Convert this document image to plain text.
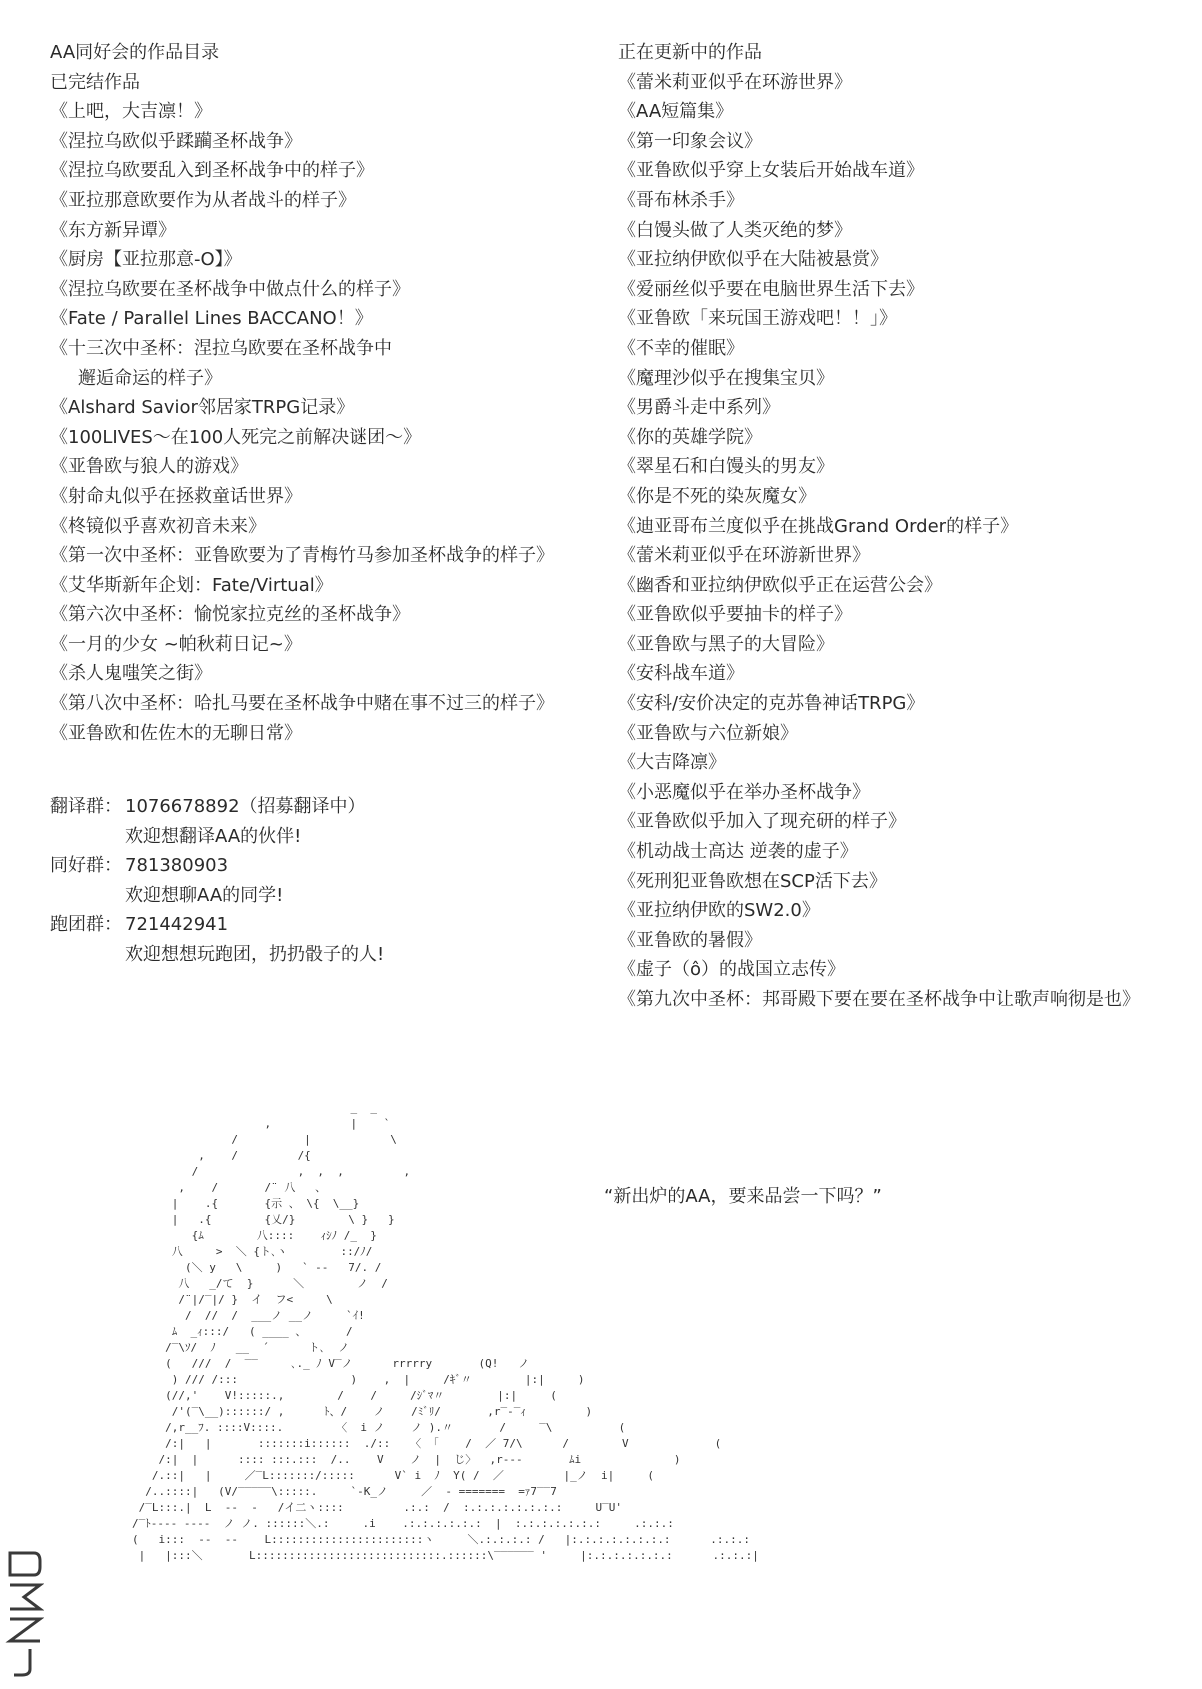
AA同好会的作品目录
已完结作品
《上吧，大吉凛！》
《涅拉乌欧似乎蹂躏圣杯战争》
《涅拉乌欧要乱入到圣杯战争中的样子》
《亚拉那意欧要作为从者战斗的样子》
《东方新异谭》
《厨房【亚拉那意-O】》
《涅拉乌欧要在圣杯战争中做点什么的样子》
《Fate / Parallel Lines BACCANO！》
《十三次中圣杯：涅拉乌欧要在圣杯战争中
邂逅命运的样子》
《Alshard Savior邻居家TRPG记录》
《100LIVES～在100人死完之前解决谜团～》
《亚鲁欧与狼人的游戏》
《射命丸似乎在拯救童话世界》
《柊镜似乎喜欢初音未来》
《第一次中圣杯：亚鲁欧要为了青梅竹马参加圣杯战争的样子》
《艾华斯新年企划：Fate/Virtual》
《第六次中圣杯：愉悦家拉克丝的圣杯战争》
《一月的少女 ~帕秋莉日记~》
《杀人鬼嗤笑之街》
《第八次中圣杯：哈扎马要在圣杯战争中赌在事不过三的样子》
《亚鲁欧和佐佐木的无聊日常》
翻译群： 1076678892（招募翻译中）
欢迎想翻译AA的伙伴!
同好群： 781380903
欢迎想聊AA的同学!
跑团群： 721442941
欢迎想想玩跑团，扔扔骰子的人!
正在更新中的作品
《蕾米莉亚似乎在环游世界》
《AA短篇集》
《第一印象会议》
《亚鲁欧似乎穿上女装后开始战车道》
《哥布林杀手》
《白馒头做了人类灭绝的梦》
《亚拉纳伊欧似乎在大陆被悬赏》
《爱丽丝似乎要在电脑世界生活下去》
《亚鲁欧「来玩国王游戏吧！！」》
《不幸的催眠》
《魔理沙似乎在搜集宝贝》
《男爵斗走中系列》
《你的英雄学院》
《翠星石和白馒头的男友》
《你是不死的染灰魔女》
《迪亚哥布兰度似乎在挑战Grand Order的样子》
《蕾米莉亚似乎在环游新世界》
《幽香和亚拉纳伊欧似乎正在运营公会》
《亚鲁欧似乎要抽卡的样子》
《亚鲁欧与黑子的大冒险》
《安科战车道》
《安科/安价决定的克苏鲁神话TRPG》
《亚鲁欧与六位新娘》
《大吉降凛》
《小恶魔似乎在举办圣杯战争》
《亚鲁欧似乎加入了现充研的样子》
《机动战士高达 逆袭的虚子》
《死刑犯亚鲁欧想在SCP活下去》
《亚拉纳伊欧的SW2.0》
《亚鲁欧的暑假》
《虚子（ô）的战国立志传》
《第九次中圣杯：邦哥殿下要在要在圣杯战争中让歌声响彻是也》
“新出炉的AA，要来品尝一下吗？”
_  _
,            |    `
/          |            \
,    /         /{
/               ,  ,  ,         ,
,    /       /¨ 八   、
|    .{       {示 、 \{  \__}
|   .{        {乂/}        \ }   }
{ﾑ        八::::    ｨｼﾉ /_  }
八     >  ＼ {ト､ヽ        ::/ﾉ/
(＼ y   \     )   ` --   7/. /
八   _/て  }      ＼        ノ  /
/¨|/‾|/ }  イ  フ<     \
/  //  /  ___ノ __ノ     `ｲ!
ﾑ  _ｨ:::/   ( ____ 、      /
/‾\ｿ/  ﾉ   __  ´      ト､  ノ
(   ///  /  ‾‾     ､._ ﾉ V‾ノ      rrrrry       (Q!   ノ
) /// /:::                 )    ,  |     /ｷﾞ〃        |:|     )
(//,'    V!:::::.,        /    /     /ｼﾞﾏ〃        |:|     (
/'(‾\__)::::::/ ,      ﾄ、/    ノ    /ﾐﾞﾘ/       ,r‾‐‾ｨ         )
/,r__ﾌ. ::::V::::.        〈  i ノ    ノ ).〃       /     ‾\          (
/:|   |       :::::::i::::::  ./::   〈 「    /  ／ 7/\      /        V             (
/:|  |      :::: :::.:::  /..    V    ノ  |  じ〉  ,r‐‐‐       ﾑi              )
/.::|   |     ／‾L:::::::/:::::      V` i  ﾉ  Y( /  ／         |_ノ  i|     (
/..::::|   (V/‾‾‾‾‾\:::::.     `-K_ノ     ／  ‐ =======  =ｧ7‾‾7
/‾L:::.|  L  ‐‐  ‐   /イ二ヽ::::         .:.:  /  :.:.:.:.:.:.:.:     U‾U'
/‾ﾄ‐‐‐‐ ‐‐‐‐  ノ ノ. ::::::＼.:     .i    .:.:.:.:.:.:  |  :.:.:.:.:.:.:     .:.:.:
(   i:::  ‐‐  ‐‐    L:::::::::::::::::::::::ヽ     ＼.:.:.:.: /   |:.:.:.:.:.:.:.:      .:.:.:
|   |:::＼       L::::::::::::::::::::::::::::.::::::\‾‾‾‾‾‾ '     |:.:.:.:.:.:.:      .:.:.:|
